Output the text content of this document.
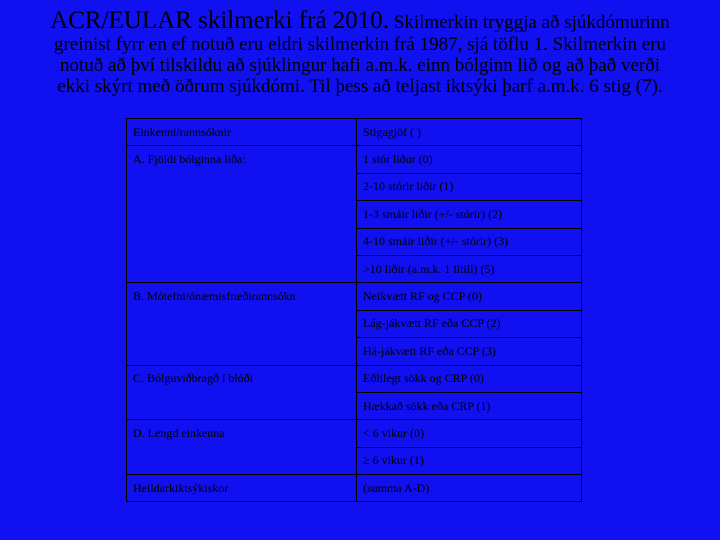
ACR/EULAR skilmerki frá 2010. Skilmerkin tryggja að sjúkdómurinn
greinist fyrr en ef notuð eru eldri skilmerkin frá 1987, sjá töflu 1. Skilmerkin eru
notuð að því tilskildu að sjúklingur hafi a.m.k. einn bólginn lið og að það verði
ekki skýrt með öðrum sjúkdómi. Til þess að teljast iktsýki þarf a.m.k. 6 stig (7).
Einkenni/rannsóknir	Stigagjöf ( )
A. Fjöldi bólginna liða:	1 stór liður (0)
	2-10 stórir liðir (1)
	1-3 smáir liðir (+/- stórir) (2)
	4-10 smáir liðir (+/- stórir) (3)
	>10 liðir (a.m.k. 1 lítill) (5)
B. Mótefni/ónæmisfræðirannsókn	Neikvætt RF og CCP (0)
	Lág-jákvætt RF eða CCP (2)
	Há-jákvætt RF eða CCP (3)
C. Bólguviðbragð í blóði	Eðlilegt sökk og CRP (0)
	Hækkað sökk eða CRP (1)
D. Lengd einkenna	< 6 vikur (0)
	≥ 6 vikur (1)
Heildarkiktsýkiskor	(summa A-D)
